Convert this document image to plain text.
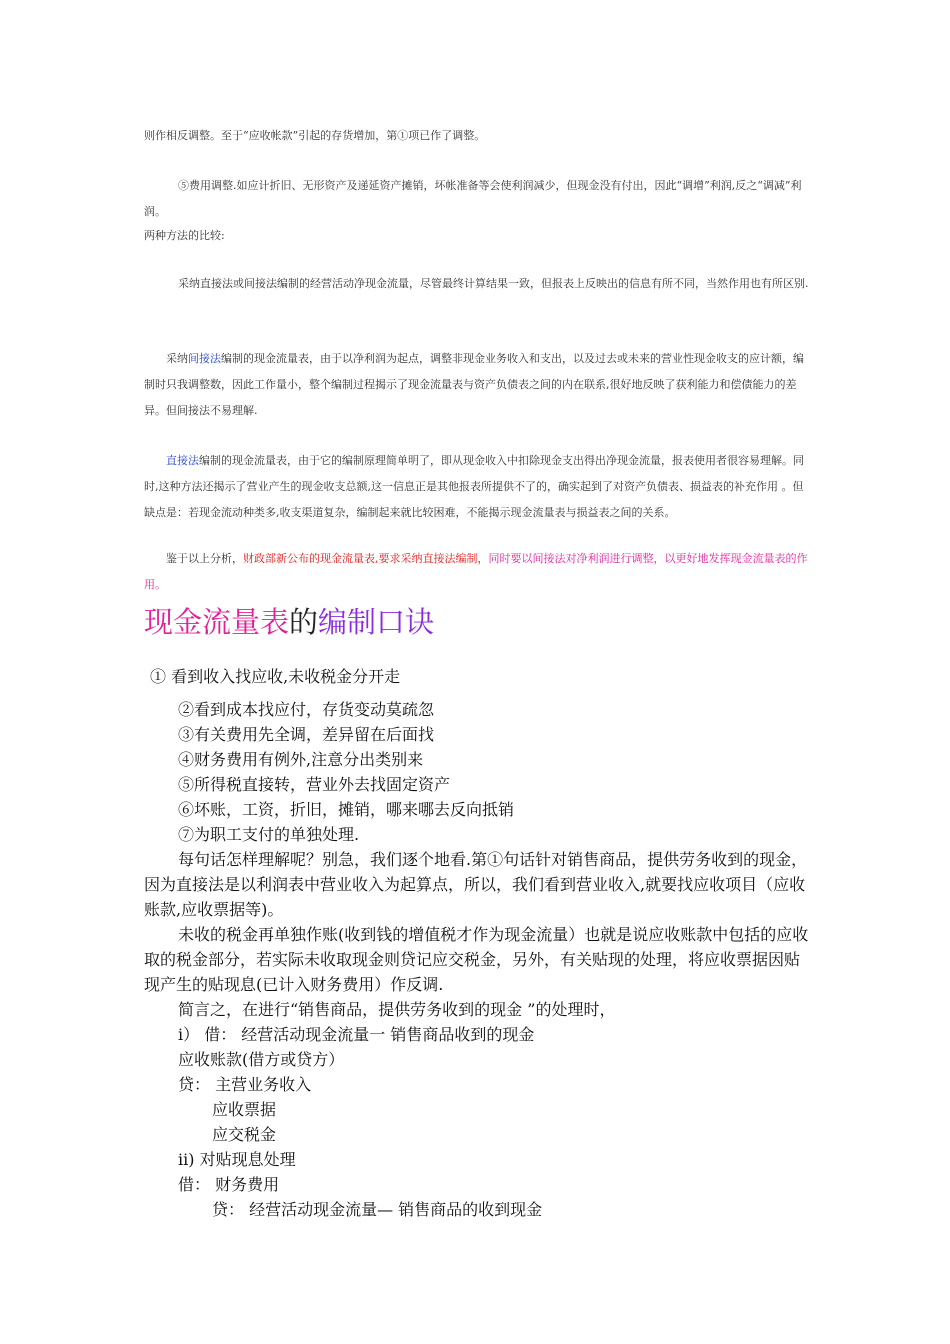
则作相反调整。至于“应收帐款”引起的存货增加，第①项已作了调整。
⑤费用调整.如应计折旧、无形资产及递延资产摊销，坏帐准备等会使利润减少，但现金没有付出，因此“调增”利润,反之“调减”利润。
两种方法的比较:
采纳直接法或间接法编制的经营活动净现金流量，尽管最终计算结果一致，但报表上反映出的信息有所不同，当然作用也有所区别.
采纳间接法编制的现金流量表，由于以净利润为起点，调整非现金业务收入和支出，以及过去或未来的营业性现金收支的应计额，编制时只我调整数，因此工作量小，整个编制过程揭示了现金流量表与资产负债表之间的内在联系,很好地反映了获利能力和偿债能力的差异。但间接法不易理解.
直接法编制的现金流量表，由于它的编制原理简单明了，即从现金收入中扣除现金支出得出净现金流量，报表使用者很容易理解。同时,这种方法还揭示了营业产生的现金收支总额,这一信息正是其他报表所提供不了的，确实起到了对资产负债表、损益表的补充作用 。但缺点是：若现金流动种类多,收支渠道复杂，编制起来就比较困难，不能揭示现金流量表与损益表之间的关系。
鉴于以上分析，财政部新公布的现金流量表,要求采纳直接法编制，同时要以间接法对净利润进行调整，以更好地发挥现金流量表的作用。
现金流量表的编制口诀
① 看到收入找应收,未收税金分开走
②看到成本找应付，存货变动莫疏忽
③有关费用先全调，差异留在后面找
④财务费用有例外,注意分出类别来
⑤所得税直接转，营业外去找固定资产
⑥坏账，工资，折旧，摊销，哪来哪去反向抵销
⑦为职工支付的单独处理.
每句话怎样理解呢？别急，我们逐个地看.第①句话针对销售商品，提供劳务收到的现金，因为直接法是以利润表中营业收入为起算点，所以，我们看到营业收入,就要找应收项目（应收账款,应收票据等)。
未收的税金再单独作账(收到钱的增值税才作为现金流量）也就是说应收账款中包括的应收取的税金部分，若实际未收取现金则贷记应交税金，另外，有关贴现的处理，将应收票据因贴现产生的贴现息(已计入财务费用）作反调.
简言之，在进行“销售商品，提供劳务收到的现金 ”的处理时，
i） 借： 经营活动现金流量一 销售商品收到的现金
应收账款(借方或贷方）
贷： 主营业务收入
应收票据
应交税金
ii) 对贴现息处理
借： 财务费用
贷： 经营活动现金流量— 销售商品的收到现金
